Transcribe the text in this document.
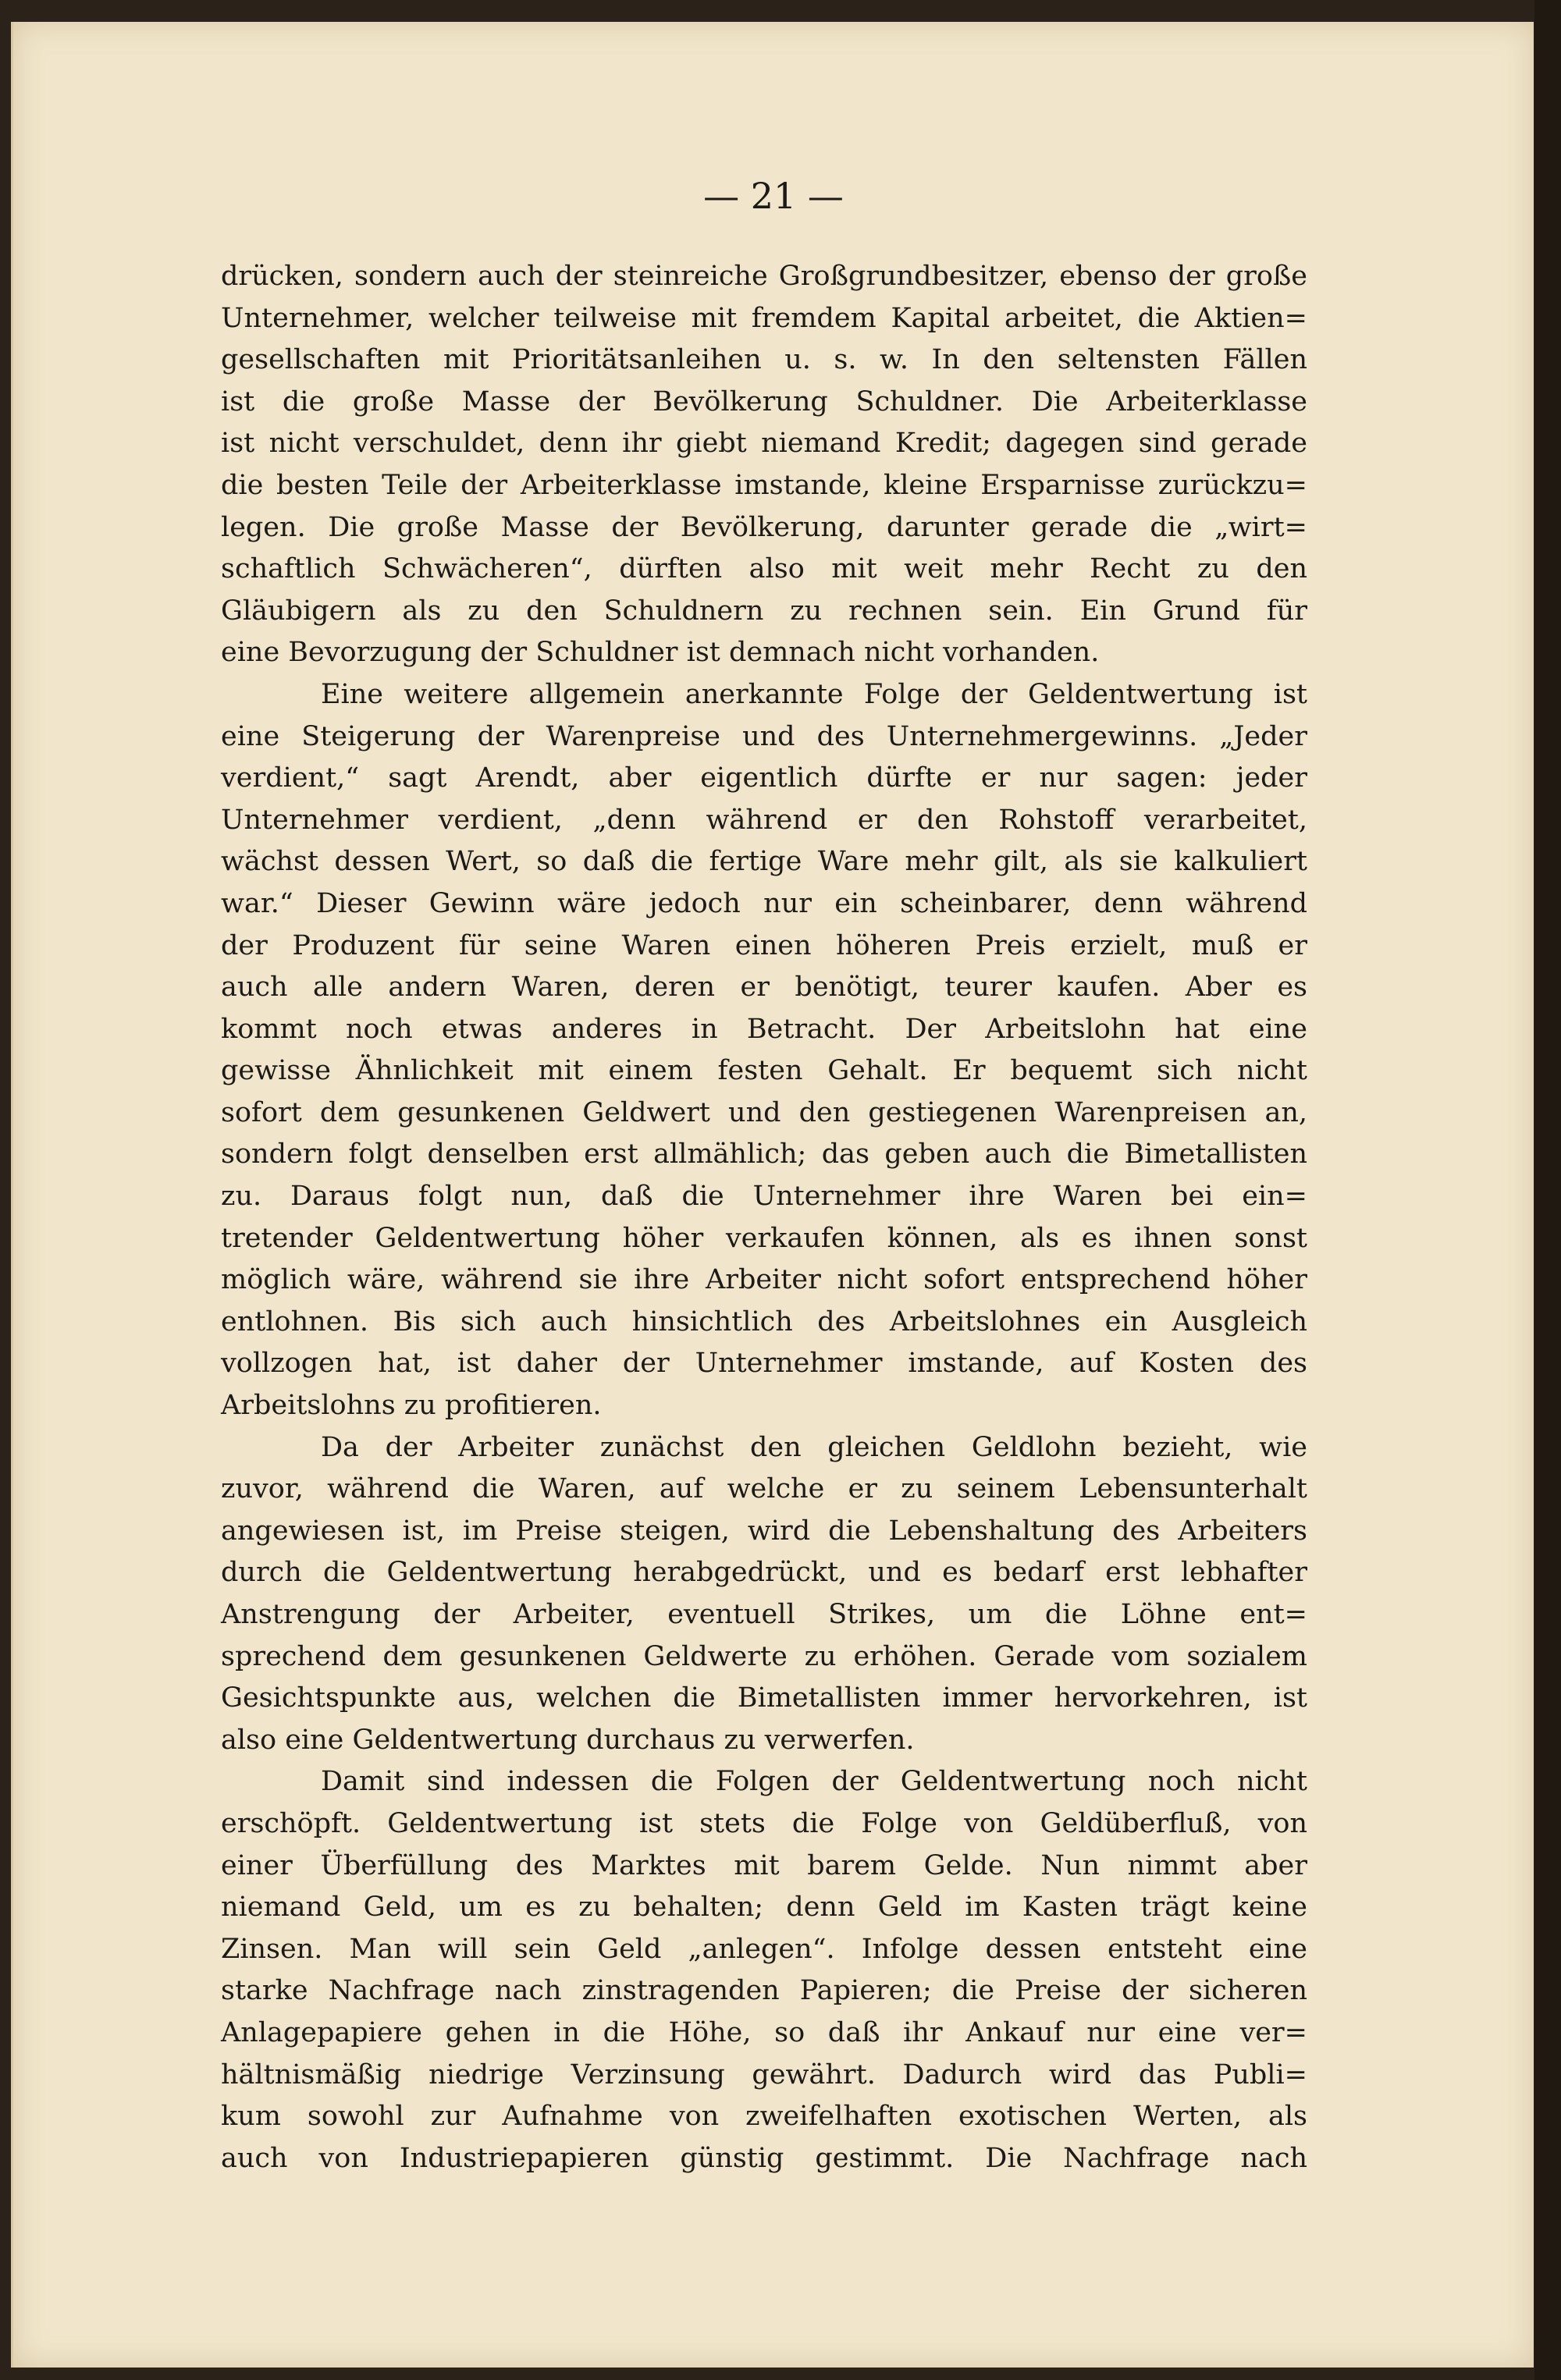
— 21 —
drücken, sondern auch der steinreiche Großgrundbesitzer, ebenso der große
Unternehmer, welcher teilweise mit fremdem Kapital arbeitet, die Aktien=
gesellschaften mit Prioritätsanleihen u. s. w. In den seltensten Fällen
ist die große Masse der Bevölkerung Schuldner. Die Arbeiterklasse
ist nicht verschuldet, denn ihr giebt niemand Kredit; dagegen sind gerade
die besten Teile der Arbeiterklasse imstande, kleine Ersparnisse zurückzu=
legen. Die große Masse der Bevölkerung, darunter gerade die „wirt=
schaftlich Schwächeren“, dürften also mit weit mehr Recht zu den
Gläubigern als zu den Schuldnern zu rechnen sein. Ein Grund für
eine Bevorzugung der Schuldner ist demnach nicht vorhanden.
Eine weitere allgemein anerkannte Folge der Geldentwertung ist
eine Steigerung der Warenpreise und des Unternehmergewinns. „Jeder
verdient,“ sagt Arendt, aber eigentlich dürfte er nur sagen: jeder
Unternehmer verdient, „denn während er den Rohstoff verarbeitet,
wächst dessen Wert, so daß die fertige Ware mehr gilt, als sie kalkuliert
war.“ Dieser Gewinn wäre jedoch nur ein scheinbarer, denn während
der Produzent für seine Waren einen höheren Preis erzielt, muß er
auch alle andern Waren, deren er benötigt, teurer kaufen. Aber es
kommt noch etwas anderes in Betracht. Der Arbeitslohn hat eine
gewisse Ähnlichkeit mit einem festen Gehalt. Er bequemt sich nicht
sofort dem gesunkenen Geldwert und den gestiegenen Warenpreisen an,
sondern folgt denselben erst allmählich; das geben auch die Bimetallisten
zu. Daraus folgt nun, daß die Unternehmer ihre Waren bei ein=
tretender Geldentwertung höher verkaufen können, als es ihnen sonst
möglich wäre, während sie ihre Arbeiter nicht sofort entsprechend höher
entlohnen. Bis sich auch hinsichtlich des Arbeitslohnes ein Ausgleich
vollzogen hat, ist daher der Unternehmer imstande, auf Kosten des
Arbeitslohns zu profitieren.
Da der Arbeiter zunächst den gleichen Geldlohn bezieht, wie
zuvor, während die Waren, auf welche er zu seinem Lebensunterhalt
angewiesen ist, im Preise steigen, wird die Lebenshaltung des Arbeiters
durch die Geldentwertung herabgedrückt, und es bedarf erst lebhafter
Anstrengung der Arbeiter, eventuell Strikes, um die Löhne ent=
sprechend dem gesunkenen Geldwerte zu erhöhen. Gerade vom sozialem
Gesichtspunkte aus, welchen die Bimetallisten immer hervorkehren, ist
also eine Geldentwertung durchaus zu verwerfen.
Damit sind indessen die Folgen der Geldentwertung noch nicht
erschöpft. Geldentwertung ist stets die Folge von Geldüberfluß, von
einer Überfüllung des Marktes mit barem Gelde. Nun nimmt aber
niemand Geld, um es zu behalten; denn Geld im Kasten trägt keine
Zinsen. Man will sein Geld „anlegen“. Infolge dessen entsteht eine
starke Nachfrage nach zinstragenden Papieren; die Preise der sicheren
Anlagepapiere gehen in die Höhe, so daß ihr Ankauf nur eine ver=
hältnismäßig niedrige Verzinsung gewährt. Dadurch wird das Publi=
kum sowohl zur Aufnahme von zweifelhaften exotischen Werten, als
auch von Industriepapieren günstig gestimmt. Die Nachfrage nach
